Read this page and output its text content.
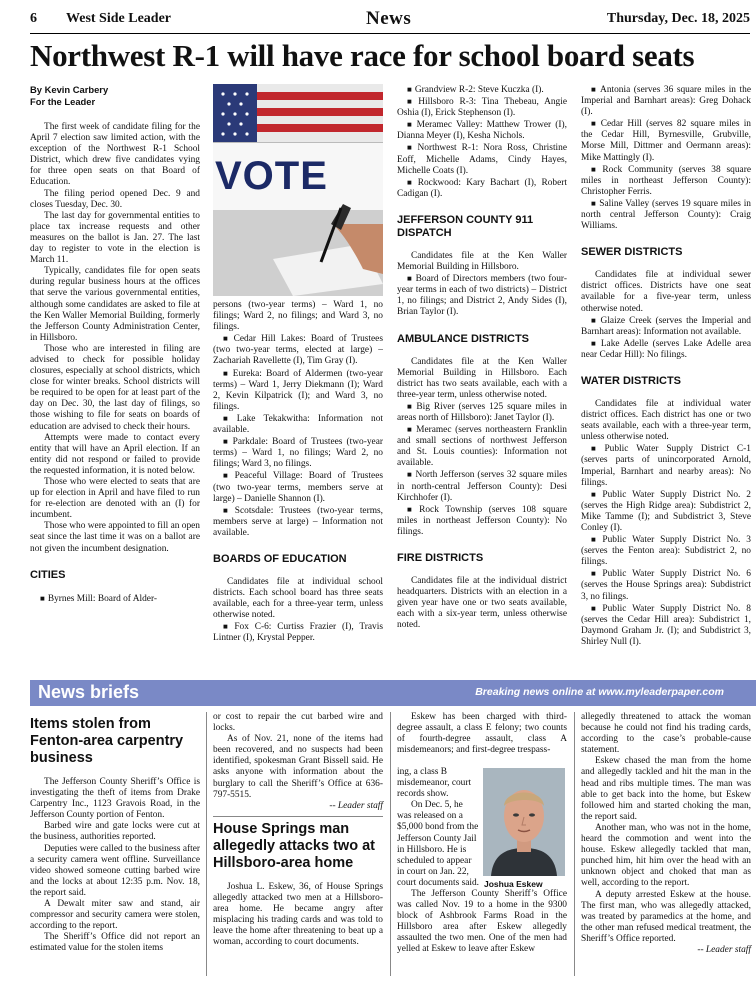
6 West Side Leader	News	Thursday, Dec. 18, 2025
Northwest R-1 will have race for school board seats
By Kevin Carbery
For the Leader

The first week of candidate filing for the April 7 election saw limited action, with the exception of the Northwest R-1 School District, which drew five candidates vying for three open seats on that Board of Education.

The filing period opened Dec. 9 and closes Tuesday, Dec. 30.

The last day for governmental entities to place tax increase requests and other measures on the ballot is Jan. 27. The last day to register to vote in the election is March 11.

Typically, candidates file for open seats during regular business hours at the offices that serve the various governmental entities, although some candidates are asked to file at the Ken Waller Memorial Building, formerly the Jefferson County Administration Center, in Hillsboro.

Those who are interested in filing are advised to check for possible holiday closures, especially at school districts, which close for winter breaks. School districts will be required to be open for at least part of the day on Dec. 30, the last day of filings, so those wishing to file for seats on boards of education are advised to check their hours.

Attempts were made to contact every entity that will have an April election. If an entity did not respond or failed to provide the requested information, it is noted below.

Those who were elected to seats that are up for election in April and have filed to run for re-election are denoted with an (I) for incumbent.

Those who were appointed to fill an open seat since the last time it was on a ballot are not given the incumbent designation.

CITIES

■ Byrnes Mill: Board of Alder-

VOTE

persons (two-year terms) – Ward 1, no filings; Ward 2, no filings; and Ward 3, no filings.

■ Cedar Hill Lakes: Board of Trustees (two two-year terms, elected at large) – Zachariah Ravellette (I), Tim Gray (I).

■ Eureka: Board of Aldermen (two-year terms) – Ward 1, Jerry Diekmann (I); Ward 2, Kevin Kilpatrick (I); and Ward 3, no filings.

■ Lake Tekakwitha: Information not available.

■ Parkdale: Board of Trustees (two-year terms) – Ward 1, no filings; Ward 2, no filings; Ward 3, no filings.

■ Peaceful Village: Board of Trustees (two two-year terms, members serve at large) – Danielle Shannon (I).

■ Scotsdale: Trustees (two-year terms, members serve at large) – Information not available.

BOARDS OF EDUCATION

Candidates file at individual school districts. Each school board has three seats available, each for a three-year term, unless otherwise noted.

■ Fox C-6: Curtiss Frazier (I), Travis Lintner (I), Krystal Pepper.

■ Grandview R-2: Steve Kuczka (I).

■ Hillsboro R-3: Tina Thebeau, Angie Oshia (I), Erick Stephenson (I).

■ Meramec Valley: Matthew Trower (I), Dianna Meyer (I), Kesha Nichols.

■ Northwest R-1: Nora Ross, Christine Eoff, Michelle Adams, Cindy Hayes, Michelle Coats (I).

■ Rockwood: Kary Bachart (I), Robert Cadigan (I).

JEFFERSON COUNTY 911 DISPATCH

Candidates file at the Ken Waller Memorial Building in Hillsboro.

■ Board of Directors members (two four-year terms in each of two districts) – District 1, no filings; and District 2, Andy Sides (I), Brian Taylor (I).

AMBULANCE DISTRICTS

Candidates file at the Ken Waller Memorial Building in Hillsboro. Each district has two seats available, each with a three-year term, unless otherwise noted.

■ Big River (serves 125 square miles in areas north of Hillsboro): Janet Taylor (I).

■ Meramec (serves northeastern Franklin and small sections of northwest Jefferson and St. Louis counties): Information not available.

■ North Jefferson (serves 32 square miles in north-central Jefferson County): Desi Kirchhofer (I).

■ Rock Township (serves 108 square miles in northeast Jefferson County): No filings.

FIRE DISTRICTS

Candidates file at the individual district headquarters. Districts with an election in a given year have one or two seats available, each with a six-year term, unless otherwise noted.

■ Antonia (serves 36 square miles in the Imperial and Barnhart areas): Greg Dohack (I).

■ Cedar Hill (serves 82 square miles in the Cedar Hill, Byrnesville, Grubville, Morse Mill, Dittmer and Oermann areas): Mike Mattingly (I).

■ Rock Community (serves 38 square miles in northeast Jefferson County): Christopher Ferris.

■ Saline Valley (serves 19 square miles in north central Jefferson County): Craig Williams.

SEWER DISTRICTS

Candidates file at individual sewer district offices. Districts have one seat available for a five-year term, unless otherwise noted.

■ Glaize Creek (serves the Imperial and Barnhart areas): Information not available.

■ Lake Adelle (serves Lake Adelle area near Cedar Hill): No filings.

WATER DISTRICTS

Candidates file at individual water district offices. Each district has one or two seats available, each with a three-year term, unless otherwise noted.

■ Public Water Supply District C-1 (serves parts of unincorporated Arnold, Imperial, Barnhart and nearby areas): No filings.

■ Public Water Supply District No. 2 (serves the High Ridge area): Subdistrict 2, Mike Tamme (I); and Subdistrict 3, Steve Conley (I).

■ Public Water Supply District No. 3 (serves the Fenton area): Subdistrict 2, no filings.

■ Public Water Supply District No. 6 (serves the House Springs area): Subdistrict 3, no filings.

■ Public Water Supply District No. 8 (serves the Cedar Hill area): Subdistrict 1, Daymond Graham Jr. (I); and Subdistrict 3, Shirley Null (I).

News briefs	Breaking news online at www.myleaderpaper.com
Items stolen from Fenton-area carpentry business

The Jefferson County Sheriff’s Office is investigating the theft of items from Drake Carpentry Inc., 1123 Gravois Road, in the Jefferson County portion of Fenton.

Barbed wire and gate locks were cut at the business, authorities reported.

Deputies were called to the business after a security camera went offline. Surveillance video showed someone cutting barbed wire and the locks at about 12:35 p.m. Nov. 18, the report said.

A Dewalt miter saw and stand, air compressor and security camera were stolen, according to the report.

The Sheriff’s Office did not report an estimated value for the stolen items

or cost to repair the cut barbed wire and locks.

As of Nov. 21, none of the items had been recovered, and no suspects had been identified, spokesman Grant Bissell said. He asks anyone with information about the burglary to call the Sheriff’s Office at 636-797-5515.

-- Leader staff
House Springs man allegedly attacks two at Hillsboro-area home

Joshua L. Eskew, 36, of House Springs allegedly attacked two men at a Hillsboro-area home. He became angry after misplacing his trading cards and was told to leave the home after threatening to beat up a woman, according to court documents.

Eskew has been charged with third-degree assault, a class E felony; two counts of fourth-degree assault, class A misdemeanors; and first-degree trespass-

ing, a class B misdemeanor, court records show.

On Dec. 5, he was released on a $5,000 bond from the Jefferson County Jail in Hillsboro. He is scheduled to appear in court on Jan. 22, court documents said. Joshua Eskew

The Jefferson County Sheriff’s Office was called Nov. 19 to a home in the 9300 block of Ashbrook Farms Road in the Hillsboro area after Eskew allegedly assaulted the two men. One of the men had yelled at Eskew to leave after Eskew

allegedly threatened to attack the woman because he could not find his trading cards, according to the case’s probable-cause statement.

Eskew chased the man from the home and allegedly tackled and hit the man in the head and ribs multiple times. The man was able to get back into the home, but Eskew followed him and started choking the man, the report said.

Another man, who was not in the home, heard the commotion and went into the house. Eskew allegedly tackled that man, punched him, hit him over the head with an unknown object and choked that man as well, according to the report.

A deputy arrested Eskew at the house. The first man, who was allegedly attacked, was treated by paramedics at the home, and the other man refused medical treatment, the Sheriff’s Office reported.

-- Leader staff
